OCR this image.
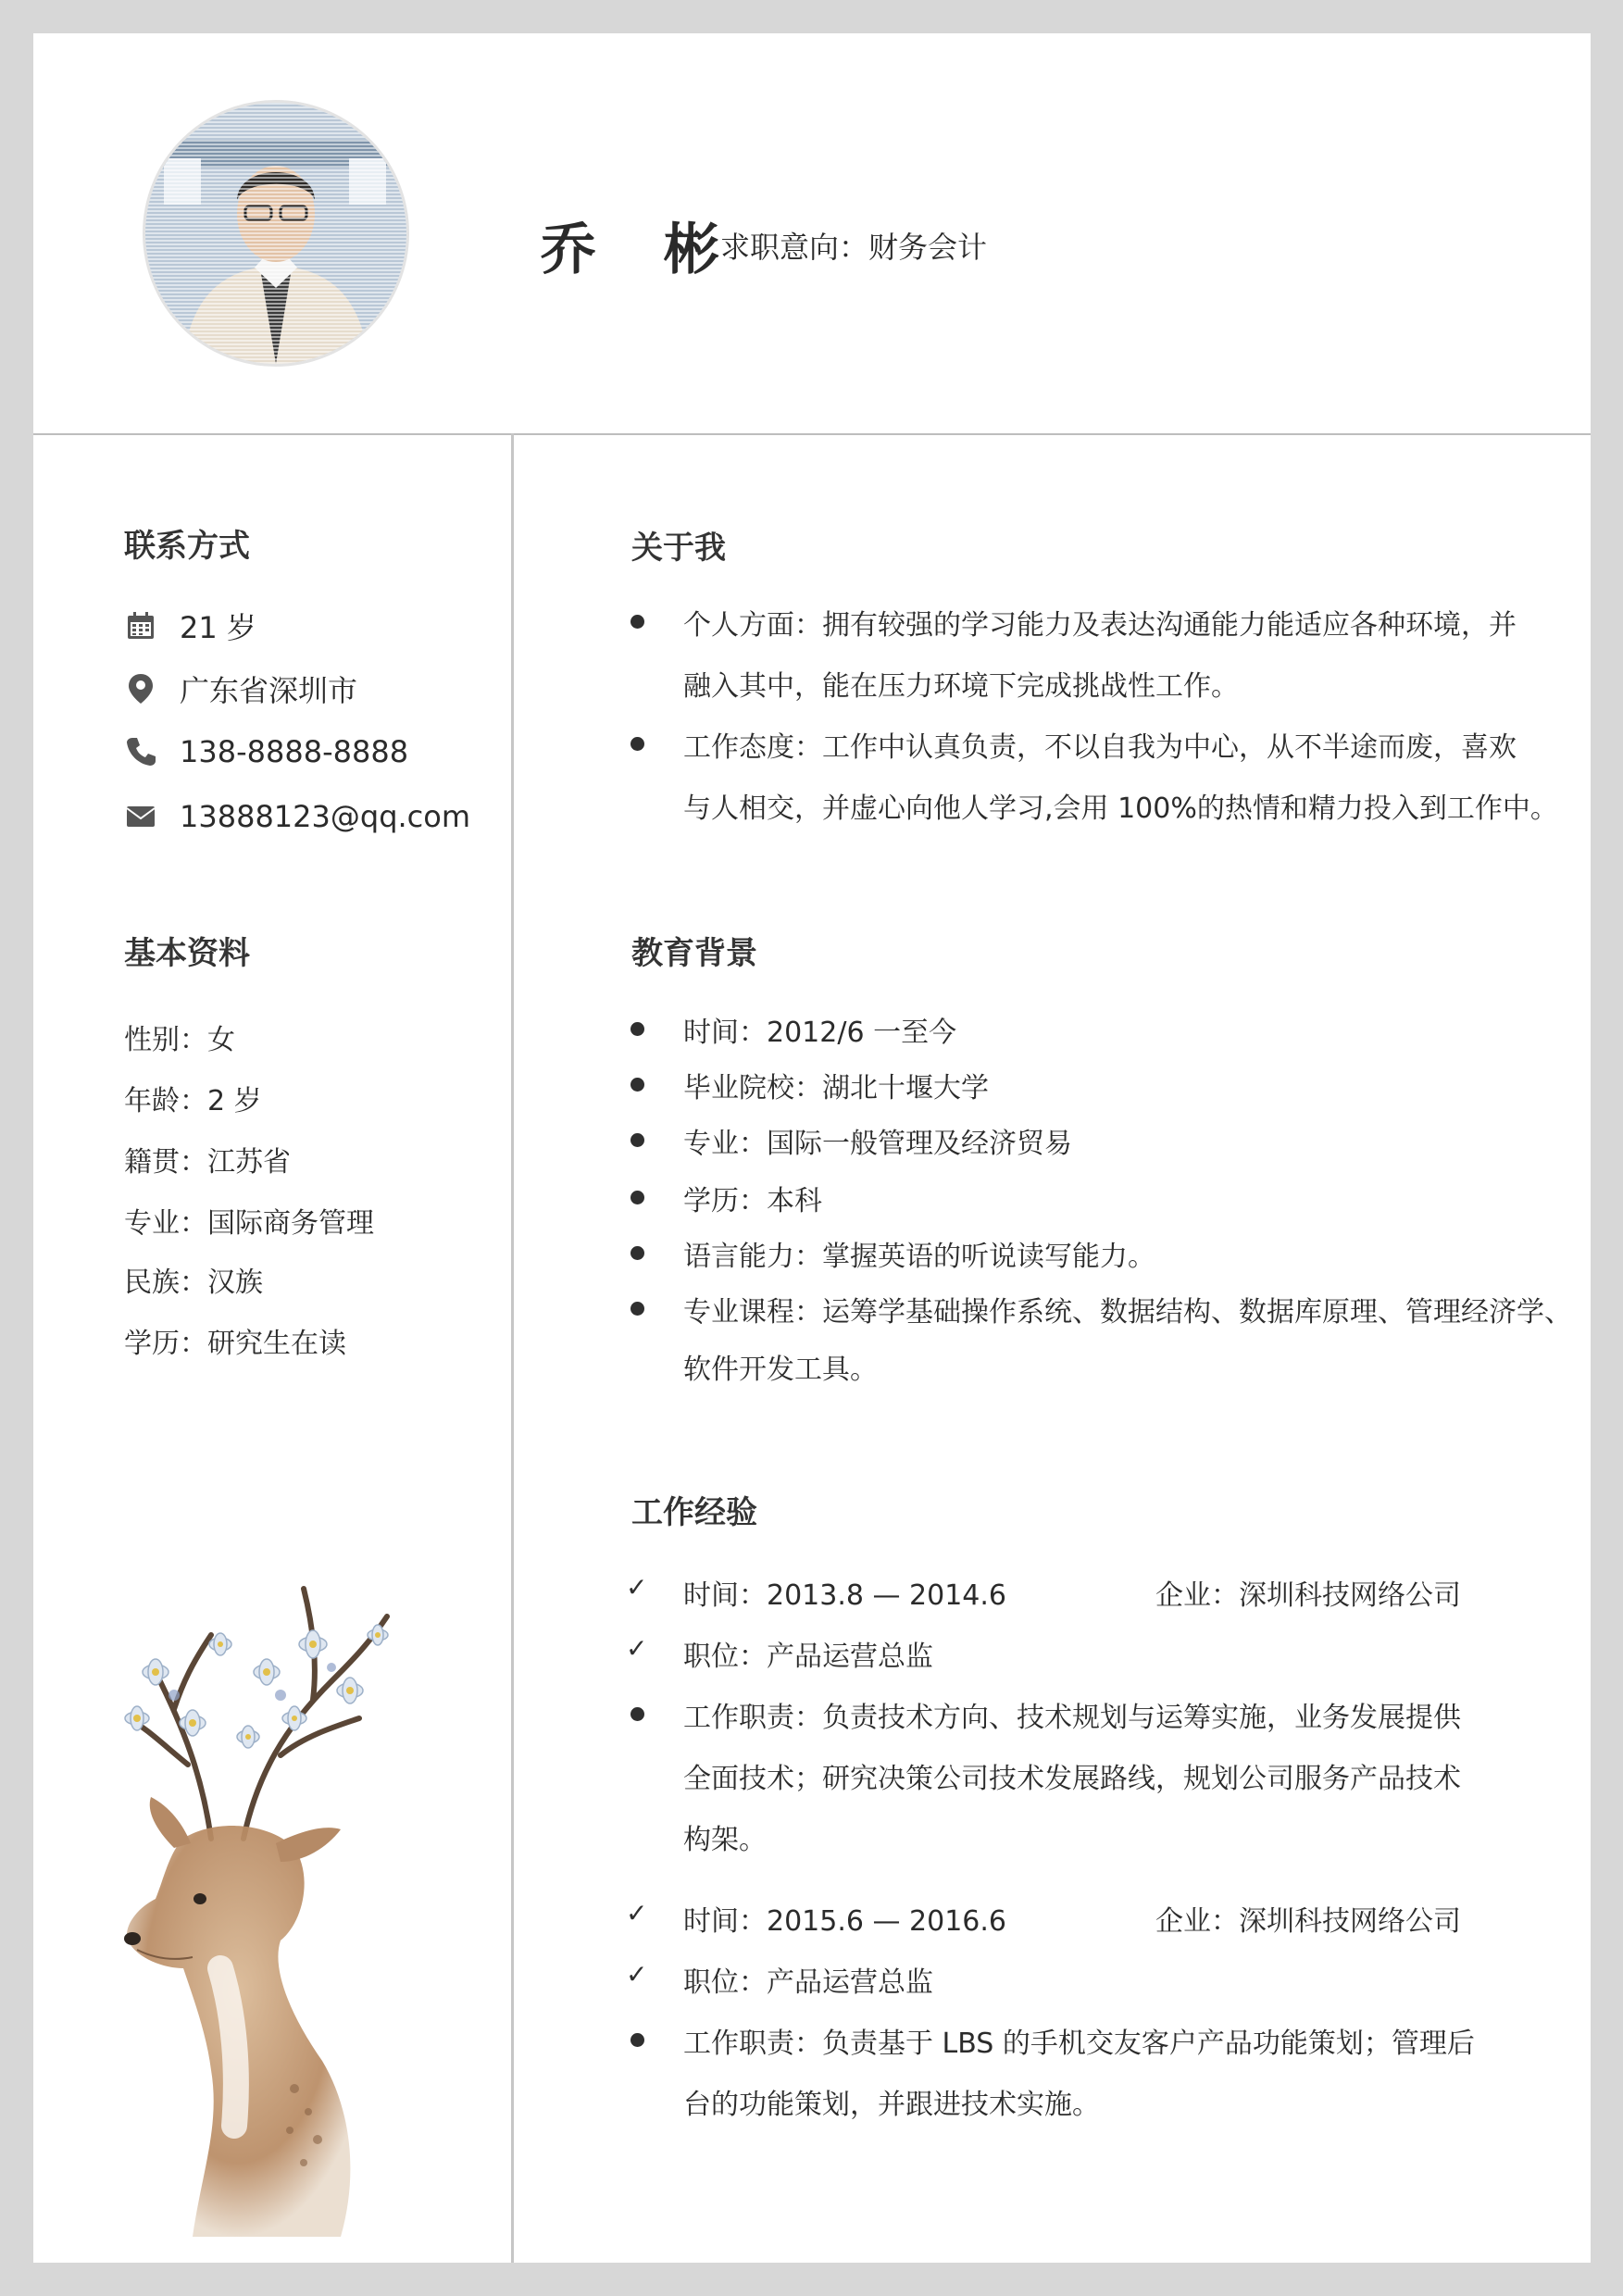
乔 彬
求职意向：财务会计
联系方式
21 岁
广东省深圳市
138-8888-8888
13888123@qq.com
基本资料
性别：女
年龄：2 岁
籍贯：江苏省
专业：国际商务管理
民族：汉族
学历：研究生在读
关于我
个人方面：拥有较强的学习能力及表达沟通能力能适应各种环境，并
融入其中，能在压力环境下完成挑战性工作。
工作态度：工作中认真负责，不以自我为中心，从不半途而废，喜欢
与人相交，并虚心向他人学习,会用 100%的热情和精力投入到工作中。
教育背景
时间：2012/6 一至今
毕业院校：湖北十堰大学
专业：国际一般管理及经济贸易
学历：本科
语言能力：掌握英语的听说读写能力。
专业课程：运筹学基础操作系统、数据结构、数据库原理、管理经济学、
软件开发工具。
工作经验
✓ 时间：2013.8 — 2014.6	企业：深圳科技网络公司
✓ 职位：产品运营总监
工作职责：负责技术方向、技术规划与运筹实施，业务发展提供
全面技术；研究决策公司技术发展路线，规划公司服务产品技术
构架。
✓ 时间：2015.6 — 2016.6	企业：深圳科技网络公司
✓ 职位：产品运营总监
工作职责：负责基于 LBS 的手机交友客户产品功能策划；管理后
台的功能策划，并跟进技术实施。
